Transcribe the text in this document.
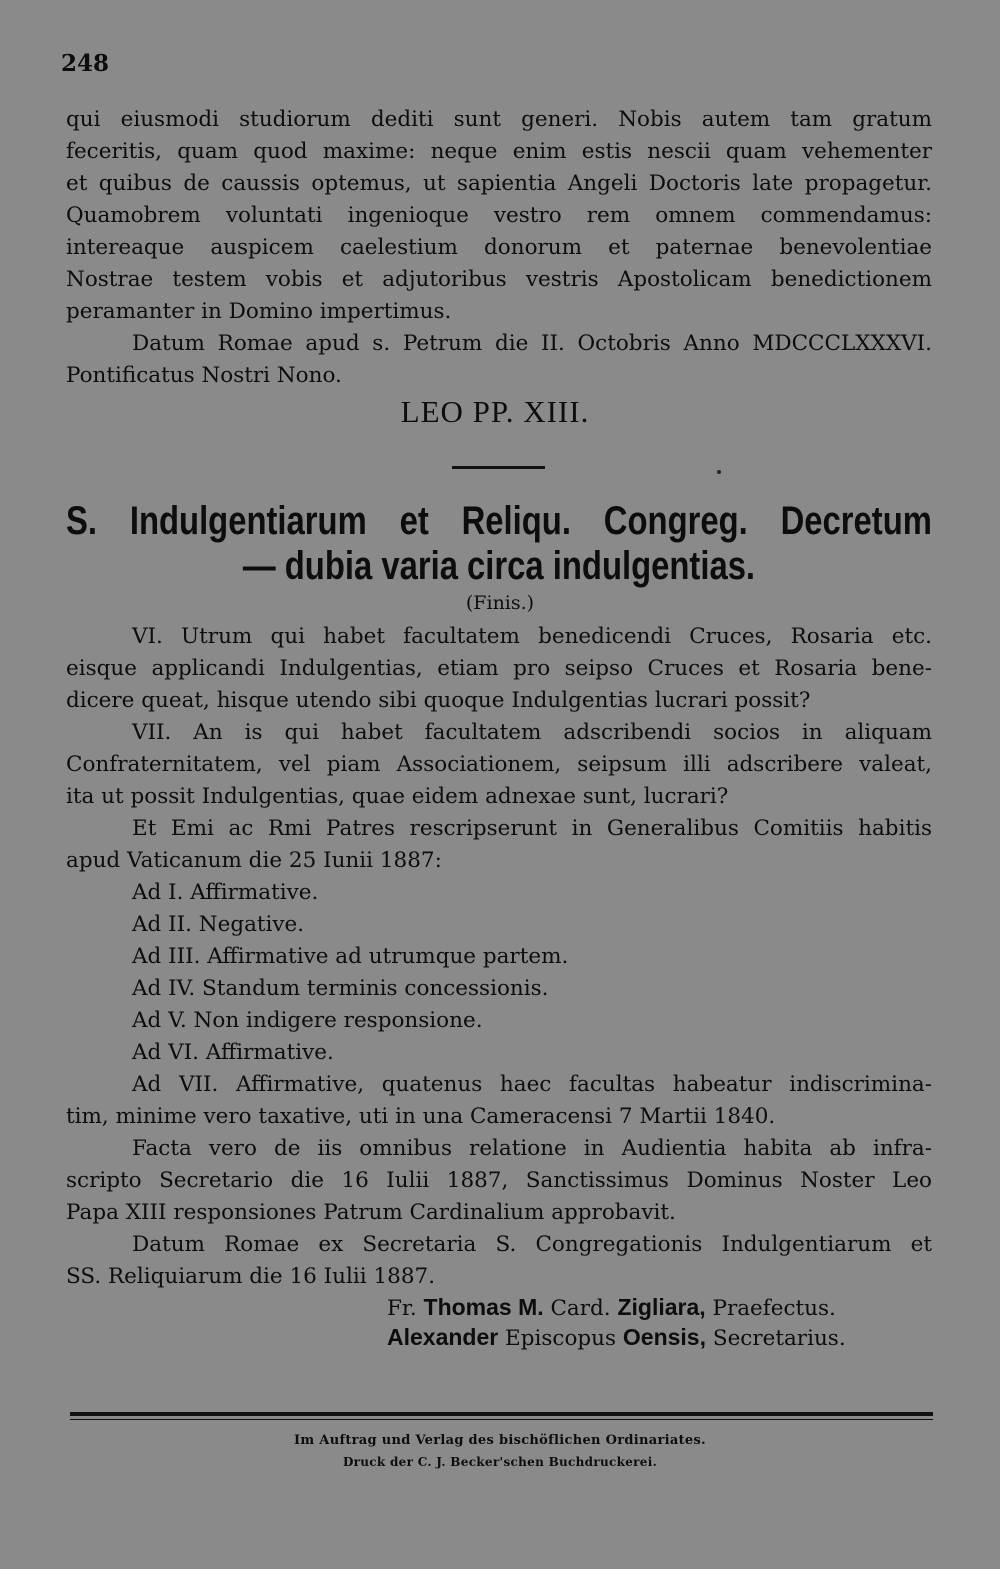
248
qui eiusmodi studiorum dediti sunt generi. Nobis autem tam gratum
feceritis, quam quod maxime: neque enim estis nescii quam vehementer
et quibus de caussis optemus, ut sapientia Angeli Doctoris late propagetur.
Quamobrem voluntati ingenioque vestro rem omnem commendamus:
intereaque auspicem caelestium donorum et paternae benevolentiae
Nostrae testem vobis et adjutoribus vestris Apostolicam benedictionem
peramanter in Domino impertimus.
Datum Romae apud s. Petrum die II. Octobris Anno MDCCCLXXXVI.
Pontificatus Nostri Nono.
LEO PP. XIII.
S. Indulgentiarum et Reliqu. Congreg. Decretum
— dubia varia circa indulgentias.
(Finis.)
VI. Utrum qui habet facultatem benedicendi Cruces, Rosaria etc.
eisque applicandi Indulgentias, etiam pro seipso Cruces et Rosaria bene-
dicere queat, hisque utendo sibi quoque Indulgentias lucrari possit?
VII. An is qui habet facultatem adscribendi socios in aliquam
Confraternitatem, vel piam Associationem, seipsum illi adscribere valeat,
ita ut possit Indulgentias, quae eidem adnexae sunt, lucrari?
Et Emi ac Rmi Patres rescripserunt in Generalibus Comitiis habitis
apud Vaticanum die 25 Iunii 1887:
Ad I. Affirmative.
Ad II. Negative.
Ad III. Affirmative ad utrumque partem.
Ad IV. Standum terminis concessionis.
Ad V. Non indigere responsione.
Ad VI. Affirmative.
Ad VII. Affirmative, quatenus haec facultas habeatur indiscrimina-
tim, minime vero taxative, uti in una Cameracensi 7 Martii 1840.
Facta vero de iis omnibus relatione in Audientia habita ab infra-
scripto Secretario die 16 Iulii 1887, Sanctissimus Dominus Noster Leo
Papa XIII responsiones Patrum Cardinalium approbavit.
Datum Romae ex Secretaria S. Congregationis Indulgentiarum et
SS. Reliquiarum die 16 Iulii 1887.
Fr. Thomas M. Card. Zigliara, Praefectus.
Alexander Episcopus Oensis, Secretarius.
Im Auftrag und Verlag des bischöflichen Ordinariates.
Druck der C. J. Becker'schen Buchdruckerei.
